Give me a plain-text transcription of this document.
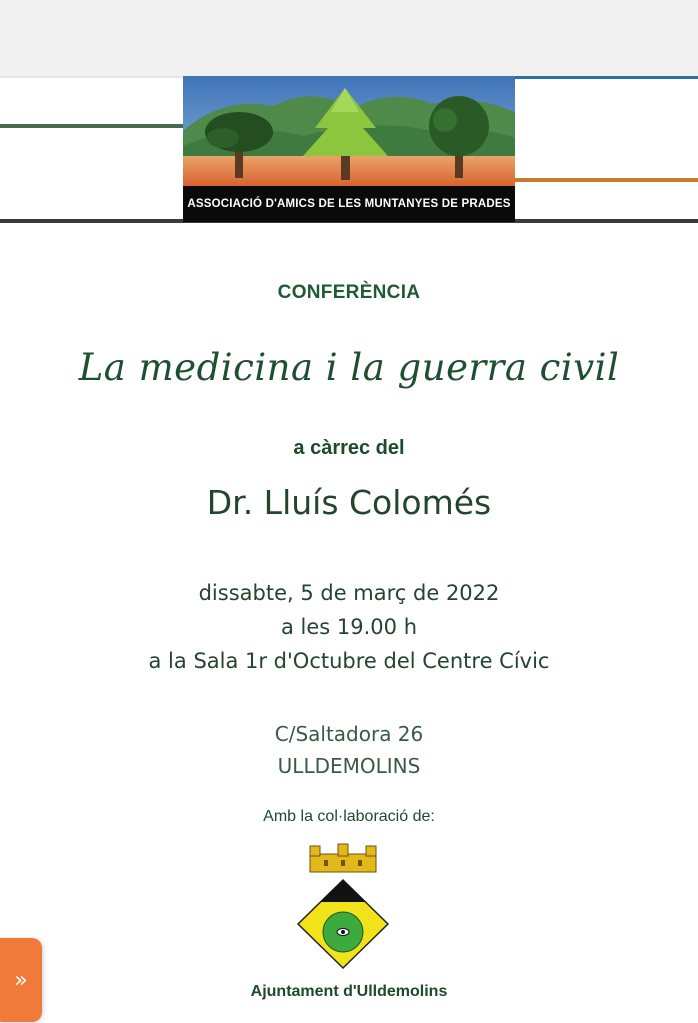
ASSOCIACIÓ D'AMICS DE LES MUNTANYES DE PRADES
CONFERÈNCIA
La medicina i la guerra civil
a càrrec del
Dr. Lluís Colomés
dissabte, 5 de març de 2022
a les 19.00 h
a la Sala 1r d'Octubre del Centre Cívic
C/Saltadora 26
ULLDEMOLINS
Amb la col·laboració de:
Ajuntament d'Ulldemolins
»
